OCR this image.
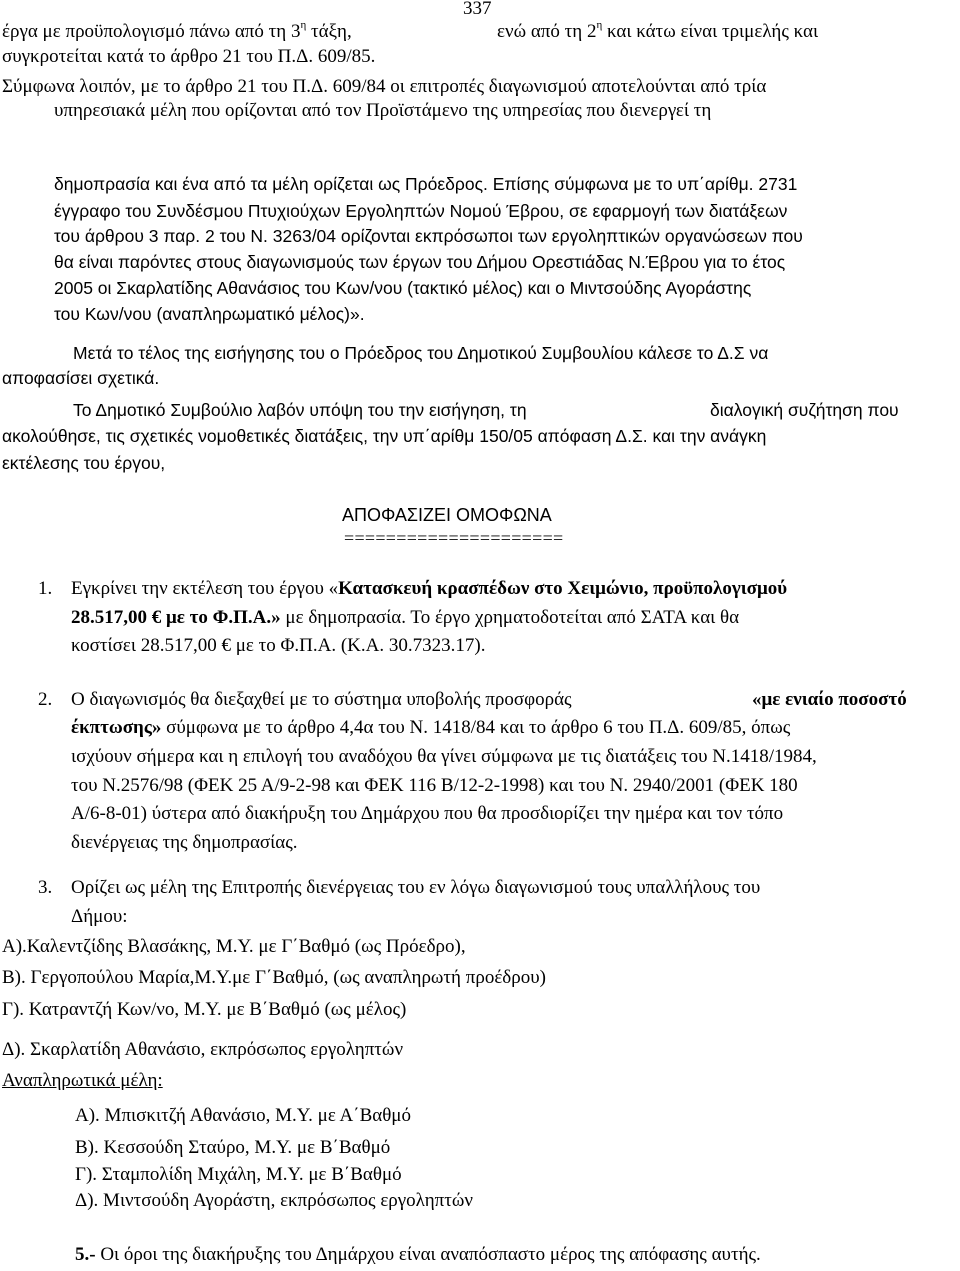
337
έργα με προϋπολογισμό πάνω από τη $3^\eta$ τάξη,	ενώ από τη $2^\eta$ και κάτω είναι τριμελής και
συγκροτείται κατά το άρθρο 21 του Π.Δ. 609/85.
Σύμφωνα λοιπόν, με το άρθρο 21 του Π.Δ. 609/84 οι επιτροπές διαγωνισμού αποτελούνται από τρία
υπηρεσιακά μέλη που ορίζονται από τον Προϊστάμενο της υπηρεσίας που διενεργεί τη
δημοπρασία και ένα από τα μέλη ορίζεται ως Πρόεδρος. Επίσης σύμφωνα με το υπ΄αρίθμ. 2731
έγγραφο του Συνδέσμου Πτυχιούχων Εργοληπτών Νομού Έβρου, σε εφαρμογή των διατάξεων
του άρθρου 3 παρ. 2 του Ν. 3263/04 ορίζονται εκπρόσωποι των εργοληπτικών οργανώσεων που
θα είναι παρόντες στους διαγωνισμούς των έργων του Δήμου Ορεστιάδας Ν.Έβρου για το έτος
2005 οι Σκαρλατίδης Αθανάσιος του Κων/νου (τακτικό μέλος) και ο Μιντσούδης Αγοράστης
του Κων/νου (αναπληρωματικό μέλος)».
Μετά το τέλος της εισήγησης του ο Πρόεδρος του Δημοτικού Συμβουλίου κάλεσε το Δ.Σ να
αποφασίσει σχετικά.
Το Δημοτικό Συμβούλιο λαβόν υπόψη του την εισήγηση, τη	διαλογική συζήτηση που
ακολούθησε, τις σχετικές νομοθετικές διατάξεις, την υπ΄αρίθμ 150/05 απόφαση Δ.Σ. και την ανάγκη
εκτέλεσης του έργου,
ΑΠΟΦΑΣΙΖΕΙ ΟΜΟΦΩΝΑ
=====================
1. Εγκρίνει την εκτέλεση του έργου «Κατασκευή κρασπέδων στο Χειμώνιο, προϋπολογισμού
28.517,00 € με το Φ.Π.Α.» με δημοπρασία. Το έργο χρηματοδοτείται από ΣΑΤΑ και θα
κοστίσει 28.517,00 € με το Φ.Π.Α. (Κ.Α. 30.7323.17).
2. Ο διαγωνισμός θα διεξαχθεί με το σύστημα υποβολής προσφοράς	«με ενιαίο ποσοστό
έκπτωσης» σύμφωνα με το άρθρο 4,4α του Ν. 1418/84 και το άρθρο 6 του Π.Δ. 609/85, όπως
ισχύουν σήμερα και η επιλογή του αναδόχου θα γίνει σύμφωνα με τις διατάξεις του Ν.1418/1984,
του Ν.2576/98 (ΦΕΚ 25 Α/9-2-98 και ΦΕΚ 116 Β/12-2-1998) και του Ν. 2940/2001 (ΦΕΚ 180
Α/6-8-01) ύστερα από διακήρυξη του Δημάρχου που θα προσδιορίζει την ημέρα και τον τόπο
διενέργειας της δημοπρασίας.
3. Ορίζει ως μέλη της Επιτροπής διενέργειας του εν λόγω διαγωνισμού τους υπαλλήλους του
Δήμου:
Α).Καλεντζίδης Βλασάκης, Μ.Υ. με Γ΄Βαθμό (ως Πρόεδρο),
Β). Γεργοπούλου Μαρία,Μ.Υ.με Γ΄Βαθμό, (ως αναπληρωτή προέδρου)
Γ). Κατραντζή Κων/νο, Μ.Υ. με Β΄Βαθμό (ως μέλος)
Δ). Σκαρλατίδη Αθανάσιο, εκπρόσωπος εργοληπτών
Αναπληρωτικά μέλη:
Α). Μπισκιτζή Αθανάσιο, Μ.Υ. με Α΄Βαθμό
Β). Κεσσούδη Σταύρο, Μ.Υ. με Β΄Βαθμό
Γ). Σταμπολίδη Μιχάλη, Μ.Υ. με Β΄Βαθμό
Δ). Μιντσούδη Αγοράστη, εκπρόσωπος εργοληπτών
5.- Οι όροι της διακήρυξης του Δημάρχου είναι αναπόσπαστο μέρος της απόφασης αυτής.
